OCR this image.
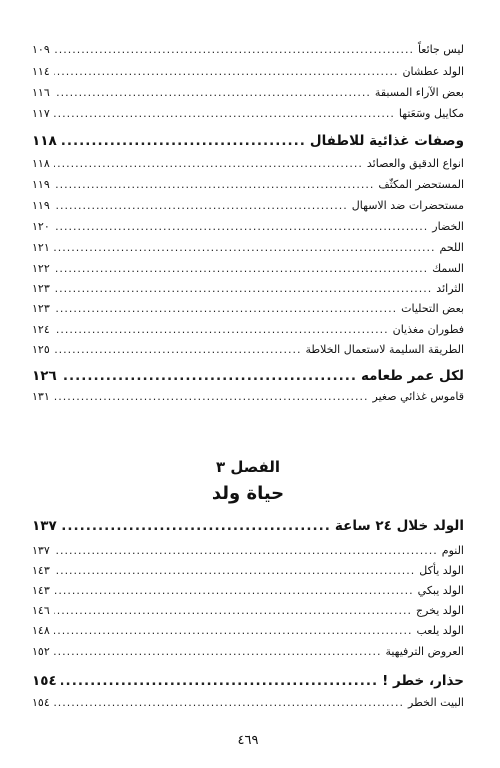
ليس جائعاً
.....
١٠٩
الولد عطشان
.....
١١٤
بعض الآراء المسبقة
.....
١١٦
مكاييل وسَعَتها
.....
١١٧
وصفات غذائية للاطفال
.....
١١٨
انواع الدقيق والعصائد
.....
١١٨
المستحضر المكثّف
.....
١١٩
مستحضرات ضد الاسهال
.....
١١٩
الخضار
.....
١٢٠
اللحم
.....
١٢١
السمك
.....
١٢٢
الثرائد
.....
١٢٣
بعض التحليات
.....
١٢٣
فطوران مغذيان
.....
١٢٤
الطريقة السليمة لاستعمال الخلاطة
.....
١٢٥
لكل عمر طعامه
.....
١٢٦
قاموس غذائي صغير
.....
١٣١
الفصل ٣
حياة ولد
الولد خلال ٢٤ ساعة
.....
١٣٧
النوم
.....
١٣٧
الولد يأكل
.....
١٤٣
الولد يبكي
.....
١٤٣
الولد يخرج
.....
١٤٦
الولد يلعب
.....
١٤٨
العروض الترفيهية
.....
١٥٢
حذار، خطر !
.....
١٥٤
البيت الخطر
.....
١٥٤
٤٦٩
